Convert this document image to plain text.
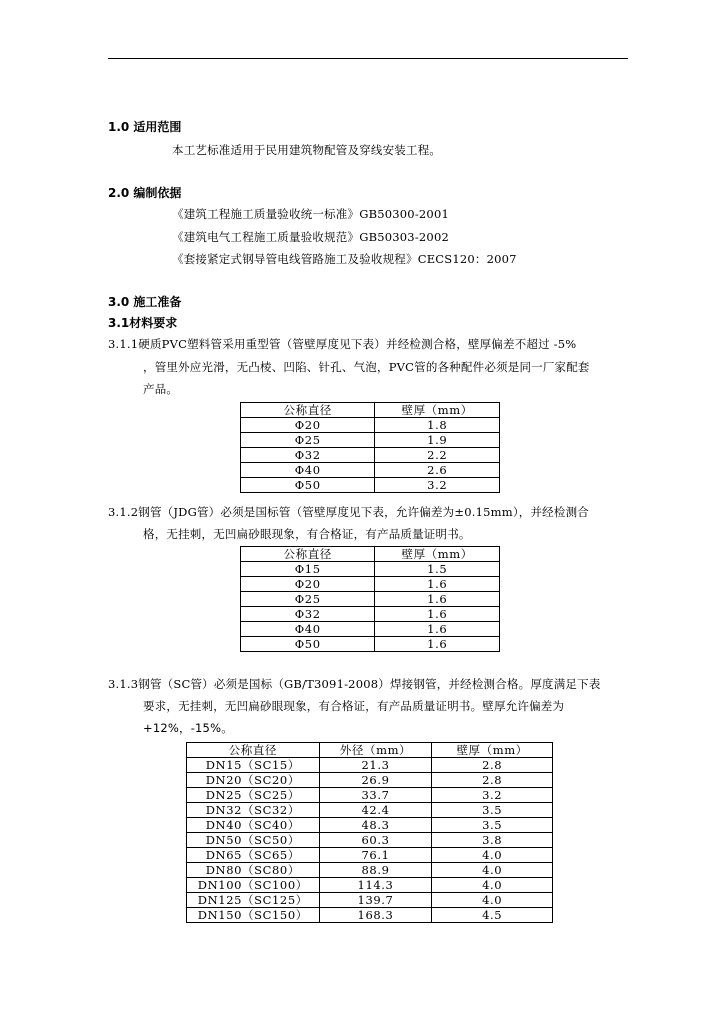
1.0 适用范围
本工艺标准适用于民用建筑物配管及穿线安装工程。
2.0 编制依据
《建筑工程施工质量验收统一标准》GB50300-2001
《建筑电气工程施工质量验收规范》GB50303-2002
《套接紧定式钢导管电线管路施工及验收规程》CECS120：2007
3.0 施工准备
3.1材料要求
3.1.1硬质PVC塑料管采用重型管（管壁厚度见下表）并经检测合格，壁厚偏差不超过 -5%
，管里外应光滑，无凸棱、凹陷、针孔、气泡，PVC管的各种配件必须是同一厂家配套
产品。
公称直径	壁厚（mm）
Φ20	1.8
Φ25	1.9
Φ32	2.2
Φ40	2.6
Φ50	3.2
3.1.2钢管（JDG管）必须是国标管（管壁厚度见下表，允许偏差为±0.15mm），并经检测合
格，无挂刺，无凹扁砂眼现象，有合格证，有产品质量证明书。
公称直径	壁厚（mm）
Φ15	1.5
Φ20	1.6
Φ25	1.6
Φ32	1.6
Φ40	1.6
Φ50	1.6
3.1.3钢管（SC管）必须是国标（GB/T3091-2008）焊接钢管，并经检测合格。厚度满足下表
要求，无挂刺，无凹扁砂眼现象，有合格证，有产品质量证明书。壁厚允许偏差为
+12%，-15%。
公称直径	外径（mm）	壁厚（mm）
DN15（SC15）	21.3	2.8
DN20（SC20）	26.9	2.8
DN25（SC25）	33.7	3.2
DN32（SC32）	42.4	3.5
DN40（SC40）	48.3	3.5
DN50（SC50）	60.3	3.8
DN65（SC65）	76.1	4.0
DN80（SC80）	88.9	4.0
DN100（SC100）	114.3	4.0
DN125（SC125）	139.7	4.0
DN150（SC150）	168.3	4.5
